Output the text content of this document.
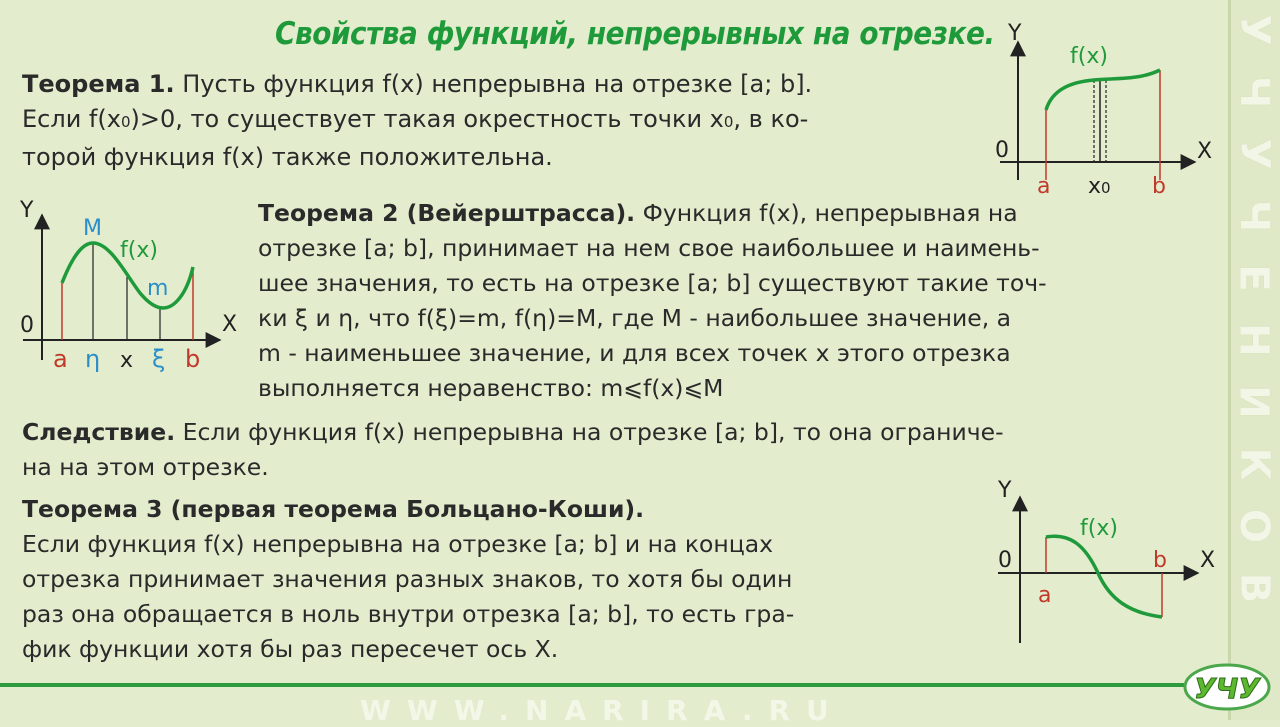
У
Ч
У
Ч
Е
Н
И
К
О
В
Свойства функций, непрерывных на отрезке.
Теорема 1. Пусть функция f(x) непрерывна на отрезке [a; b].
Если f(x0)>0, то существует такая окрестность точки x0, в ко-
торой функция f(x) также положительна.
Теорема 2 (Вейерштрасса). Функция f(x), непрерывная на
отрезке [a; b], принимает на нем свое наибольшее и наимень-
шее значения, то есть на отрезке [a; b] существуют такие точ-
ки ξ и η, что f(ξ)=m, f(η)=M, где M - наибольшее значение, а
m - наименьшее значение, и для всех точек x этого отрезка
выполняется неравенство: m⩽f(x)⩽M
Следствие. Если функция f(x) непрерывна на отрезке [a; b], то она ограниче-
на на этом отрезке.
Теорема 3 (первая теорема Больцано-Коши).
Если функция f(x) непрерывна на отрезке [a; b] и на концах
отрезка принимает значения разных знаков, то хотя бы один
раз она обращается в ноль внутри отрезка [a; b], то есть гра-
фик функции хотя бы раз пересечет ось X.
Y
X
0
f(x)
a x0 b
Y
X
0
M
f(x)
m
a η x ξ b
Y
X
0
f(x)
a
b
WWW.NARIRA.RU
УЧУ
